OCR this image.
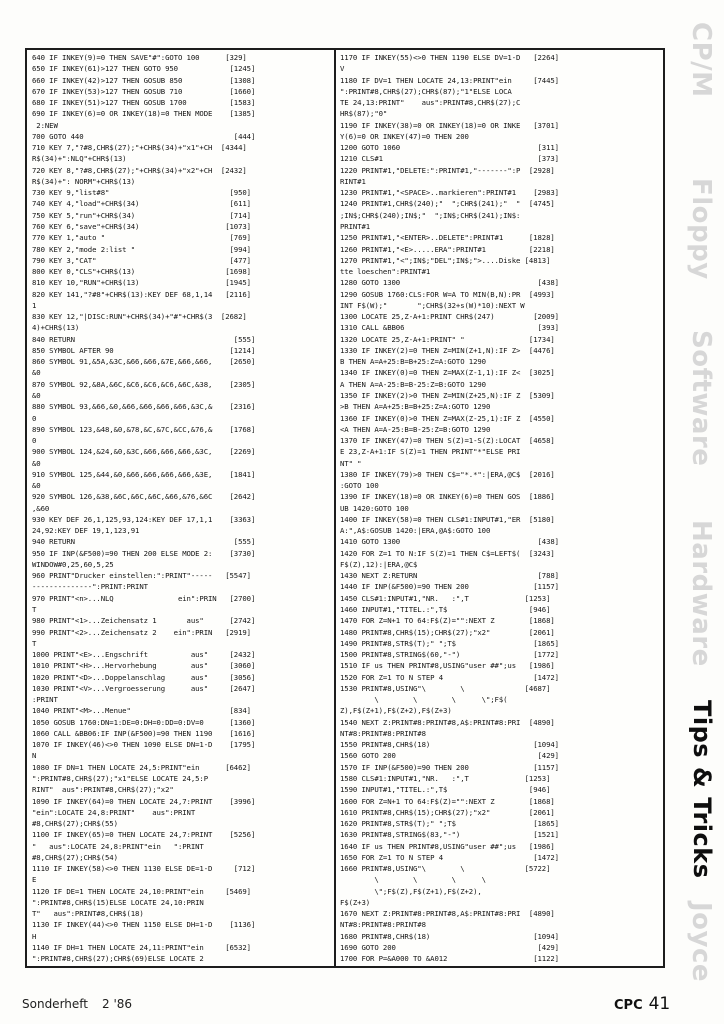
640 IF INKEY(9)=0 THEN SAVE"#":GOTO 100      [329]
650 IF INKEY(61)>127 THEN GOTO 950            [1245]
660 IF INKEY(42)>127 THEN GOSUB 850           [1308]
670 IF INKEY(53)>127 THEN GOSUB 710           [1660]
680 IF INKEY(51)>127 THEN GOSUB 1700          [1583]
690 IF INKEY(6)=0 OR INKEY(18)=0 THEN MODE    [1385]
2:NEW
700 GOTO 440                                   [444]
710 KEY 7,"?#8,CHR$(27);"+CHR$(34)+"x1"+CH  [4344]
R$(34)+":NLQ"+CHR$(13)
720 KEY 8,"?#8,CHR$(27);"+CHR$(34)+"x2"+CH  [2432]
R$(34)+": NORM"+CHR$(13)
730 KEY 9,"list#8"                            [950]
740 KEY 4,"load"+CHR$(34)                     [611]
750 KEY 5,"run"+CHR$(34)                      [714]
760 KEY 6,"save"+CHR$(34)                    [1073]
770 KEY 1,"auto "                             [769]
780 KEY 2,"mode 2:list "                      [994]
790 KEY 3,"CAT"                               [477]
800 KEY 0,"CLS"+CHR$(13)                     [1698]
810 KEY 10,"RUN"+CHR$(13)                    [1945]
820 KEY 141,"?#8"+CHR$(13):KEY DEF 68,1,14   [2116]
1
830 KEY 12,"|DISC:RUN"+CHR$(34)+"#"+CHR$(3  [2682]
4)+CHR$(13)
840 RETURN                                     [555]
850 SYMBOL AFTER 90                           [1214]
860 SYMBOL 91,&5A,&3C,&66,&66,&7E,&66,&66,    [2650]
&0
870 SYMBOL 92,&8A,&6C,&C6,&C6,&C6,&6C,&38,    [2305]
&0
880 SYMBOL 93,&66,&0,&66,&66,&66,&66,&3C,&    [2316]
0
890 SYMBOL 123,&48,&0,&78,&C,&7C,&CC,&76,&    [1768]
0
900 SYMBOL 124,&24,&0,&3C,&66,&66,&66,&3C,    [2269]
&0
910 SYMBOL 125,&44,&0,&66,&66,&66,&66,&3E,    [1841]
&0
920 SYMBOL 126,&38,&6C,&6C,&6C,&66,&76,&6C    [2642]
,&60
930 KEY DEF 26,1,125,93,124:KEY DEF 17,1,1    [3363]
24,92:KEY DEF 19,1,123,91
940 RETURN                                     [555]
950 IF INP(&F500)=90 THEN 200 ELSE MODE 2:    [3730]
WINDOW#0,25,60,5,25
960 PRINT"Drucker einstellen:":PRINT"-----   [5547]
--------------":PRINT:PRINT
970 PRINT"<n>...NLQ               ein":PRIN   [2700]
T
980 PRINT"<1>...Zeichensatz 1       aus"      [2742]
990 PRINT"<2>...Zeichensatz 2    ein":PRIN   [2919]
T
1000 PRINT"<E>...Engschrift          aus"     [2432]
1010 PRINT"<H>...Hervorhebung        aus"     [3060]
1020 PRINT"<D>...Doppelanschlag      aus"     [3056]
1030 PRINT"<V>...Vergroesserung      aus"     [2647]
:PRINT
1040 PRINT"<M>...Menue"                       [834]
1050 GOSUB 1760:DN=1:DE=0:DH=0:DD=0:DV=0      [1360]
1060 CALL &BB06:IF INP(&F500)=90 THEN 1190    [1616]
1070 IF INKEY(46)<>0 THEN 1090 ELSE DN=1-D    [1795]
N
1080 IF DN=1 THEN LOCATE 24,5:PRINT"ein      [6462]
":PRINT#8,CHR$(27);"x1"ELSE LOCATE 24,5:P
RINT"  aus":PRINT#8,CHR$(27);"x2"
1090 IF INKEY(64)=0 THEN LOCATE 24,7:PRINT    [3996]
"ein":LOCATE 24,8:PRINT"    aus":PRINT
#8,CHR$(27);CHR$(55)
1100 IF INKEY(65)=0 THEN LOCATE 24,7:PRINT    [5256]
"   aus":LOCATE 24,8:PRINT"ein   ":PRINT
#8,CHR$(27);CHR$(54)
1110 IF INKEY(58)<>0 THEN 1130 ELSE DE=1-D     [712]
E
1120 IF DE=1 THEN LOCATE 24,10:PRINT"ein     [5469]
":PRINT#8,CHR$(15)ELSE LOCATE 24,10:PRIN
T"   aus":PRINT#8,CHR$(18)
1130 IF INKEY(44)<>0 THEN 1150 ELSE DH=1-D    [1136]
H
1140 IF DH=1 THEN LOCATE 24,11:PRINT"ein     [6532]
":PRINT#8,CHR$(27);CHR$(69)ELSE LOCATE 2
1170 IF INKEY(55)<>0 THEN 1190 ELSE DV=1-D   [2264]
V
1180 IF DV=1 THEN LOCATE 24,13:PRINT"ein     [7445]
":PRINT#8,CHR$(27);CHR$(87);"1"ELSE LOCA
TE 24,13:PRINT"    aus":PRINT#8,CHR$(27);C
HR$(87);"0"
1190 IF INKEY(38)=0 OR INKEY(18)=0 OR INKE   [3701]
Y(6)=0 OR INKEY(47)=0 THEN 200
1200 GOTO 1060                                [311]
1210 CLS#1                                    [373]
1220 PRINT#1,"DELETE:":PRINT#1,"-------":P  [2928]
RINT#1
1230 PRINT#1,"<SPACE>..markieren":PRINT#1    [2983]
1240 PRINT#1,CHR$(240);"  ";CHR$(241);"  "  [4745]
;IN$;CHR$(240);IN$;"  ";IN$;CHR$(241);IN$:
PRINT#1
1250 PRINT#1,"<ENTER>..DELETE":PRINT#1      [1828]
1260 PRINT#1,"<E>.....ERA":PRINT#1          [2218]
1270 PRINT#1,"<";IN$;"DEL";IN$;">....Diske [4813]
tte loeschen":PRINT#1
1280 GOTO 1300                                [438]
1290 GOSUB 1760:CLS:FOR W=A TO MIN(B,N):PR  [4993]
INT F$(W);"       ";CHR$(32+s(W)*10):NEXT W
1300 LOCATE 25,Z-A+1:PRINT CHR$(247)         [2009]
1310 CALL &BB06                               [393]
1320 LOCATE 25,Z-A+1:PRINT" "               [1734]
1330 IF INKEY(2)=0 THEN Z=MIN(Z+1,N):IF Z>  [4476]
B THEN A=A+25:B=B+25:Z=A:GOTO 1290
1340 IF INKEY(0)=0 THEN Z=MAX(Z-1,1):IF Z<  [3025]
A THEN A=A-25:B=B-25:Z=B:GOTO 1290
1350 IF INKEY(2)>0 THEN Z=MIN(Z+25,N):IF Z  [5309]
>B THEN A=A+25:B=B+25:Z=A:GOTO 1290
1360 IF INKEY(0)>0 THEN Z=MAX(Z-25,1):IF Z  [4550]
<A THEN A=A-25:B=B-25:Z=B:GOTO 1290
1370 IF INKEY(47)=0 THEN S(Z)=1-S(Z):LOCAT  [4658]
E 23,Z-A+1:IF S(Z)=1 THEN PRINT"*"ELSE PRI
NT" "
1380 IF INKEY(79)>0 THEN C$="*.*":|ERA,@C$  [2016]
:GOTO 100
1390 IF INKEY(18)=0 OR INKEY(6)=0 THEN GOS  [1886]
UB 1420:GOTO 100
1400 IF INKEY(58)=0 THEN CLS#1:INPUT#1,"ER  [5180]
A:",A$:GOSUB 1420:|ERA,@A$:GOTO 100
1410 GOTO 1300                                [438]
1420 FOR Z=1 TO N:IF S(Z)=1 THEN C$=LEFT$(  [3243]
F$(Z),12):|ERA,@C$
1430 NEXT Z:RETURN                            [788]
1440 IF INP(&F500)=90 THEN 200               [1157]
1450 CLS#1:INPUT#1,"NR.   :",T             [1253]
1460 INPUT#1,"TITEL.:",T$                   [946]
1470 FOR Z=N+1 TO 64:F$(Z)="":NEXT Z        [1868]
1480 PRINT#8,CHR$(15);CHR$(27);"x2"         [2061]
1490 PRINT#8,STR$(T);" ";T$                  [1865]
1500 PRINT#8,STRING$(60,"-")                 [1772]
1510 IF us THEN PRINT#8,USING"user ##";us   [1986]
1520 FOR Z=1 TO N STEP 4                     [1472]
1530 PRINT#8,USING"\        \              [4687]
\        \        \      \";F$(
Z),F$(Z+1),F$(Z+2),F$(Z+3)
1540 NEXT Z:PRINT#8:PRINT#8,A$:PRINT#8:PRI  [4890]
NT#8:PRINT#8:PRINT#8
1550 PRINT#8,CHR$(18)                        [1094]
1560 GOTO 200                                 [429]
1570 IF INP(&F500)=90 THEN 200               [1157]
1580 CLS#1:INPUT#1,"NR.   :",T             [1253]
1590 INPUT#1,"TITEL.:",T$                   [946]
1600 FOR Z=N+1 TO 64:F$(Z)="":NEXT Z        [1868]
1610 PRINT#8,CHR$(15);CHR$(27);"x2"         [2061]
1620 PRINT#8,STR$(T);" ";T$                  [1865]
1630 PRINT#8,STRING$(83,"-")                 [1521]
1640 IF us THEN PRINT#8,USING"user ##";us   [1986]
1650 FOR Z=1 TO N STEP 4                     [1472]
1660 PRINT#8,USING"\        \              [5722]
\        \        \      \
\";F$(Z),F$(Z+1),F$(Z+2),
F$(Z+3)
1670 NEXT Z:PRINT#8:PRINT#8,A$:PRINT#8:PRI  [4890]
NT#8:PRINT#8:PRINT#8
1680 PRINT#8,CHR$(18)                        [1094]
1690 GOTO 200                                 [429]
1700 FOR P=&A000 TO &A012                    [1122]
CP/M
Floppy
Software
Hardware
Tips & Tricks
Joyce
Sonderheft 2 '86	CPC 41
